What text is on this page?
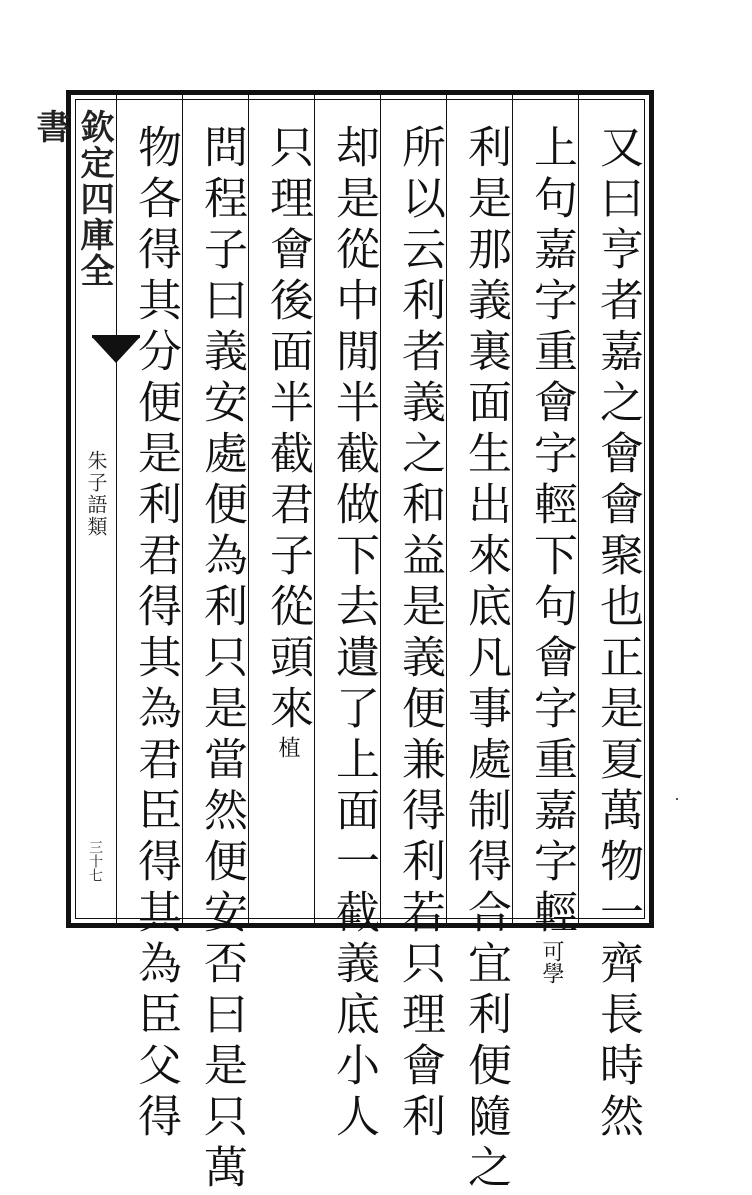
欽定四庫全書
朱子語類
三十七	又曰亨者嘉之會會聚也正是夏萬物一齊長時然
上句嘉字重會字輕下句會字重嘉字輕可學
利是那義裏面生出來底凡事處制得合宜利便隨之
所以云利者義之和益是義便兼得利若只理會利
却是從中閒半截做下去遺了上面一截義底小人
只理會後面半截君子從頭來植
問程子曰義安處便為利只是當然便安否曰是只萬
物各得其分便是利君得其為君臣得其為臣父得
